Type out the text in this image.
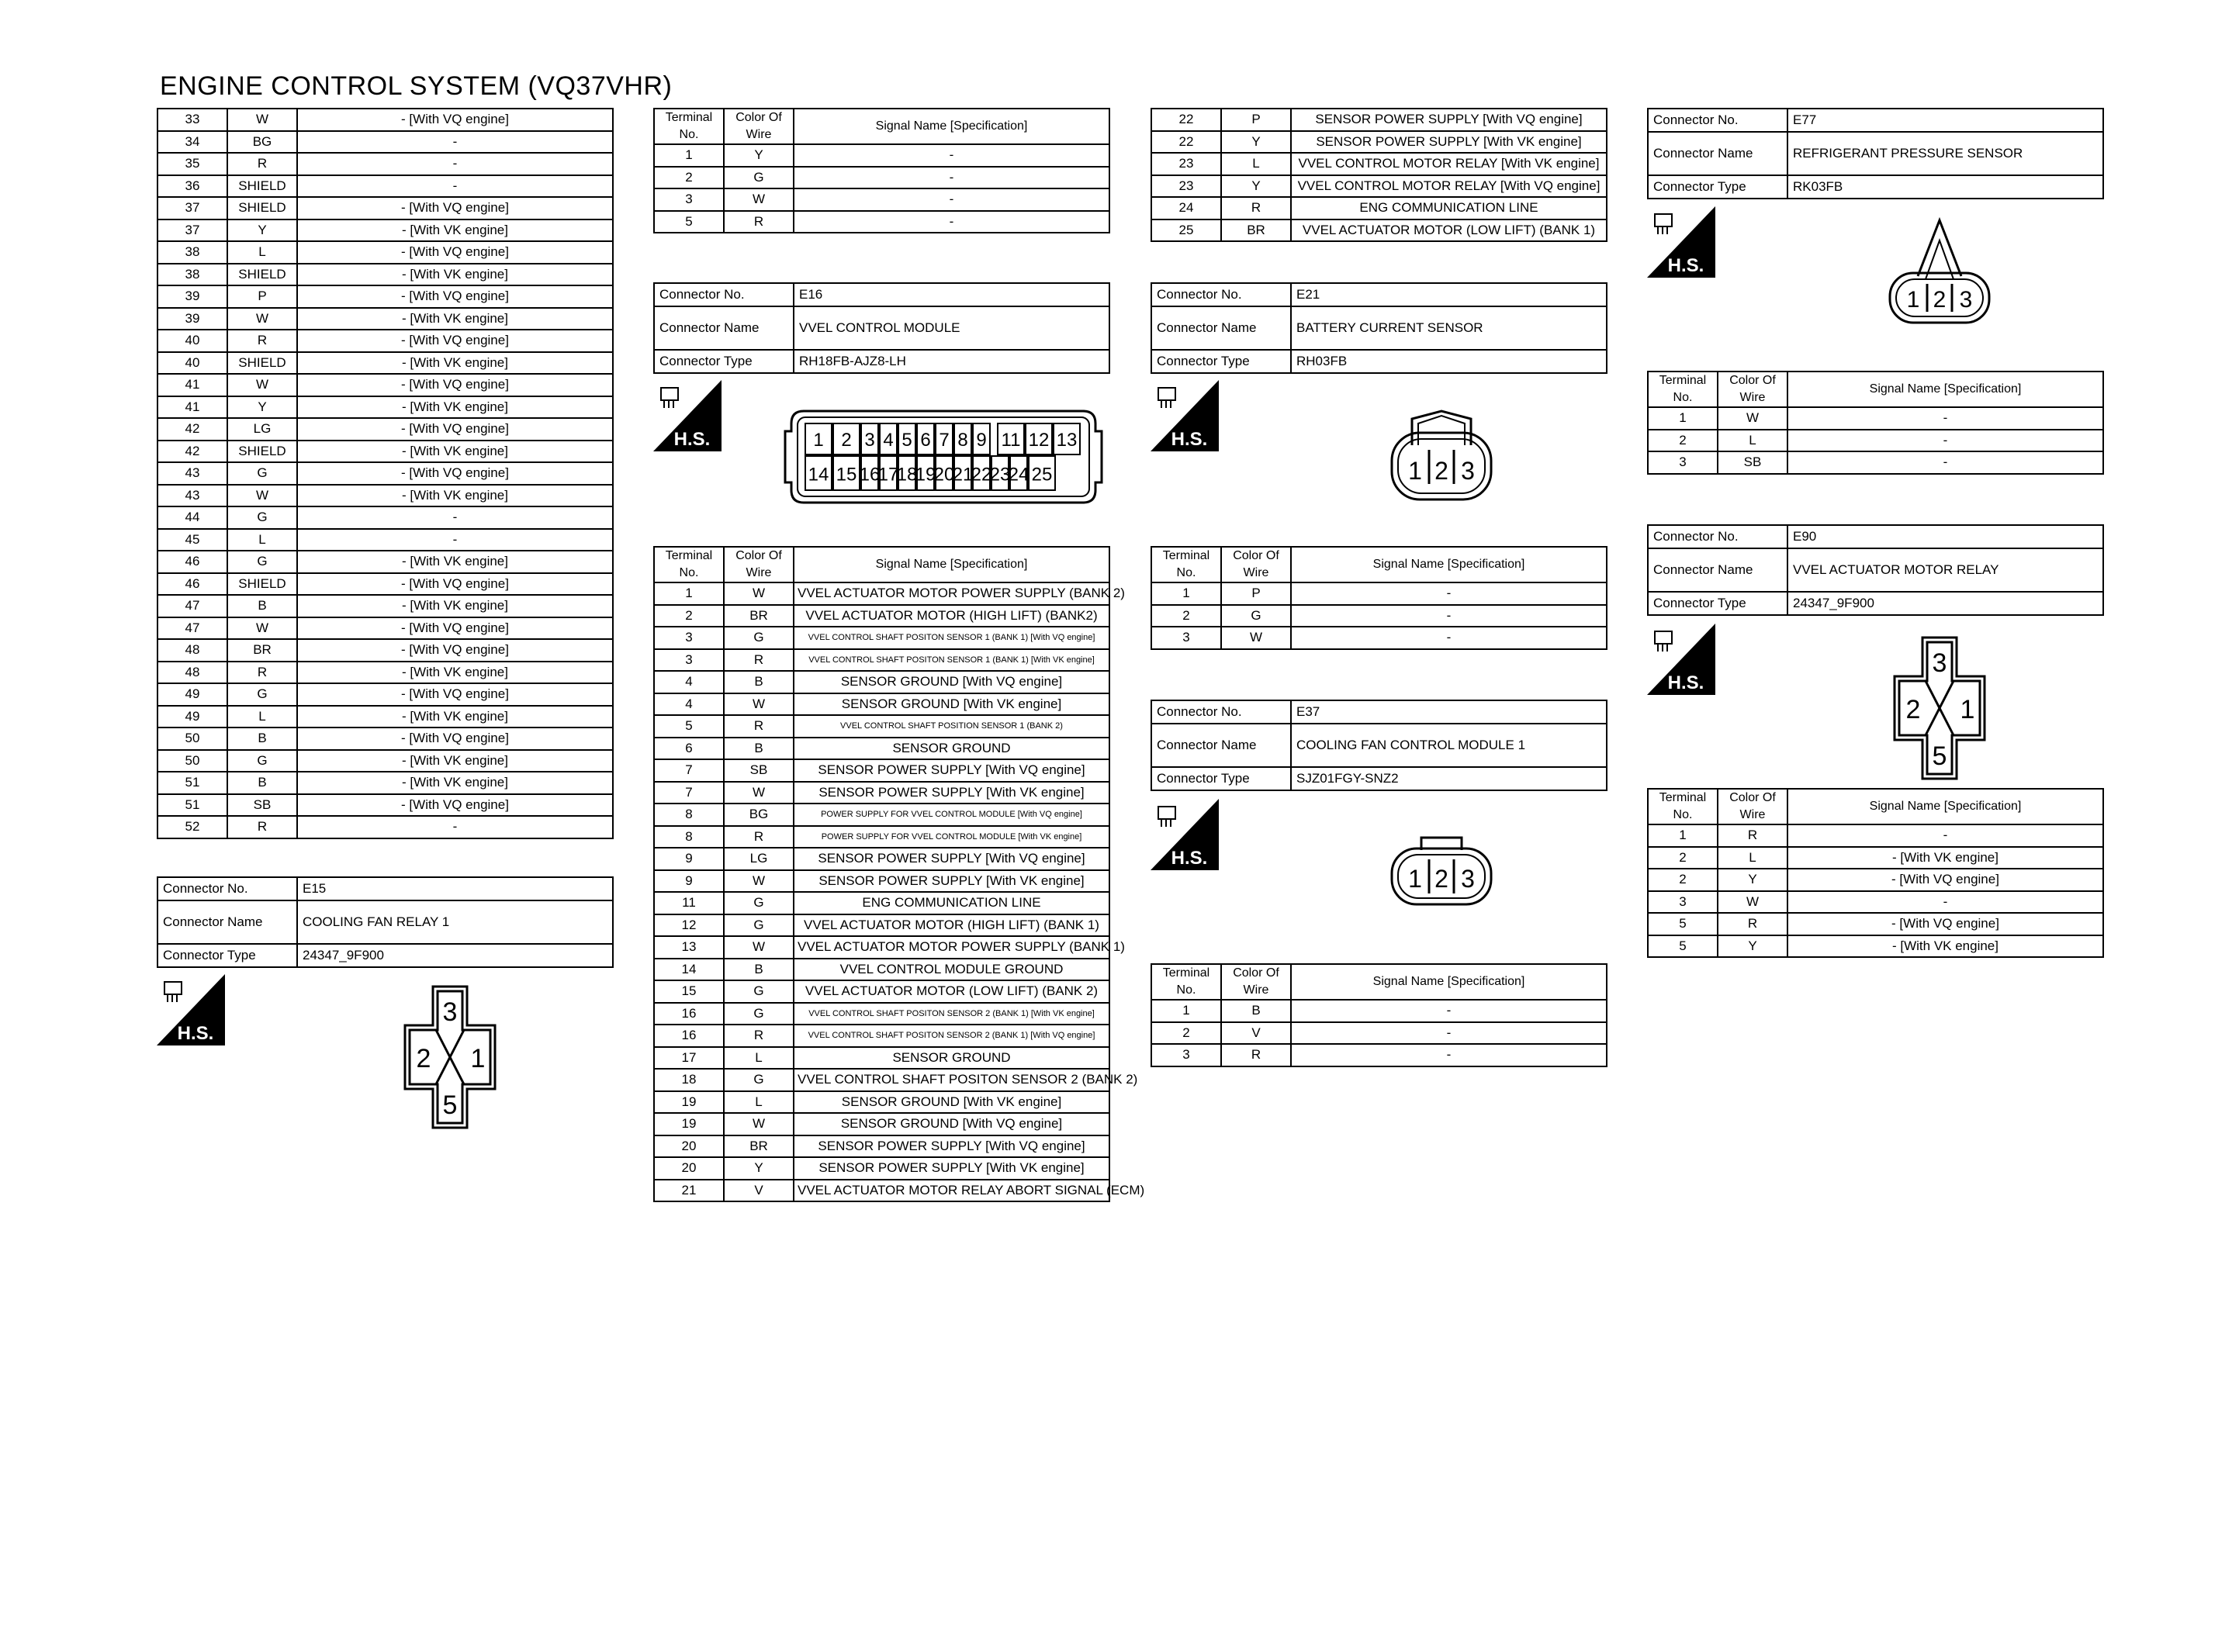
ENGINE CONTROL SYSTEM (VQ37VHR)
33	W	- [With VQ engine]
34	BG	-
35	R	-
36	SHIELD	-
37	SHIELD	- [With VQ engine]
37	Y	- [With VK engine]
38	L	- [With VQ engine]
38	SHIELD	- [With VK engine]
39	P	- [With VQ engine]
39	W	- [With VK engine]
40	R	- [With VQ engine]
40	SHIELD	- [With VK engine]
41	W	- [With VQ engine]
41	Y	- [With VK engine]
42	LG	- [With VQ engine]
42	SHIELD	- [With VK engine]
43	G	- [With VQ engine]
43	W	- [With VK engine]
44	G	-
45	L	-
46	G	- [With VK engine]
46	SHIELD	- [With VQ engine]
47	B	- [With VK engine]
47	W	- [With VQ engine]
48	BR	- [With VQ engine]
48	R	- [With VK engine]
49	G	- [With VQ engine]
49	L	- [With VK engine]
50	B	- [With VQ engine]
50	G	- [With VK engine]
51	B	- [With VK engine]
51	SB	- [With VQ engine]
52	R	-
Connector No.	E15
Connector Name	COOLING FAN RELAY 1
Connector Type	24347_9F900
H.S.
3
2 1
5
Terminal
No.	Color Of
Wire	Signal Name [Specification]
1	Y	-
2	G	-
3	W	-
5	R	-
Connector No.	E16
Connector Name	VVEL CONTROL MODULE
Connector Type	RH18FB-AJZ8-LH
H.S.	1 2 3 4 5 6 7 8 9 11 12 13
14 15 16
17
18
19
20
21
22
23
24 25
Terminal
No.	Color Of
Wire	Signal Name [Specification]
1	W	VVEL ACTUATOR MOTOR POWER SUPPLY (BANK 2)
2	BR	VVEL ACTUATOR MOTOR (HIGH LIFT) (BANK2)
3	G	VVEL CONTROL SHAFT POSITON SENSOR 1 (BANK 1) [With VQ engine]
3	R	VVEL CONTROL SHAFT POSITON SENSOR 1 (BANK 1) [With VK engine]
4	B	SENSOR GROUND [With VQ engine]
4	W	SENSOR GROUND [With VK engine]
5	R	VVEL CONTROL SHAFT POSITION SENSOR 1 (BANK 2)
6	B	SENSOR GROUND
7	SB	SENSOR POWER SUPPLY [With VQ engine]
7	W	SENSOR POWER SUPPLY [With VK engine]
8	BG	POWER SUPPLY FOR VVEL CONTROL MODULE [With VQ engine]
8	R	POWER SUPPLY FOR VVEL CONTROL MODULE [With VK engine]
9	LG	SENSOR POWER SUPPLY [With VQ engine]
9	W	SENSOR POWER SUPPLY [With VK engine]
11	G	ENG COMMUNICATION LINE
12	G	VVEL ACTUATOR MOTOR (HIGH LIFT) (BANK 1)
13	W	VVEL ACTUATOR MOTOR POWER SUPPLY (BANK 1)
14	B	VVEL CONTROL MODULE GROUND
15	G	VVEL ACTUATOR MOTOR (LOW LIFT) (BANK 2)
16	G	VVEL CONTROL SHAFT POSITON SENSOR 2 (BANK 1) [With VK engine]
16	R	VVEL CONTROL SHAFT POSITON SENSOR 2 (BANK 1) [With VQ engine]
17	L	SENSOR GROUND
18	G	VVEL CONTROL SHAFT POSITON SENSOR 2 (BANK 2)
19	L	SENSOR GROUND [With VK engine]
19	W	SENSOR GROUND [With VQ engine]
20	BR	SENSOR POWER SUPPLY [With VQ engine]
20	Y	SENSOR POWER SUPPLY [With VK engine]
21	V	VVEL ACTUATOR MOTOR RELAY ABORT SIGNAL (ECM)
22	P	SENSOR POWER SUPPLY [With VQ engine]
22	Y	SENSOR POWER SUPPLY [With VK engine]
23	L	VVEL CONTROL MOTOR RELAY [With VK engine]
23	Y	VVEL CONTROL MOTOR RELAY [With VQ engine]
24	R	ENG COMMUNICATION LINE
25	BR	VVEL ACTUATOR MOTOR (LOW LIFT) (BANK 1)
Connector No.	E21
Connector Name	BATTERY CURRENT SENSOR
Connector Type	RH03FB
H.S.
1 2 3
Terminal
No.	Color Of
Wire	Signal Name [Specification]
1	P	-
2	G	-
3	W	-
Connector No.	E37
Connector Name	COOLING FAN CONTROL MODULE 1
Connector Type	SJZ01FGY-SNZ2
H.S.
1 2 3
Terminal
No.	Color Of
Wire	Signal Name [Specification]
1	B	-
2	V	-
3	R	-
Connector No.	E77
Connector Name	REFRIGERANT PRESSURE SENSOR
Connector Type	RK03FB
H.S.
1 2 3
Terminal
No.	Color Of
Wire	Signal Name [Specification]
1	W	-
2	L	-
3	SB	-
Connector No.	E90
Connector Name	VVEL ACTUATOR MOTOR RELAY
Connector Type	24347_9F900
H.S.
3
2 1
5
Terminal
No.	Color Of
Wire	Signal Name [Specification]
1	R	-
2	L	- [With VK engine]
2	Y	- [With VQ engine]
3	W	-
5	R	- [With VQ engine]
5	Y	- [With VK engine]
